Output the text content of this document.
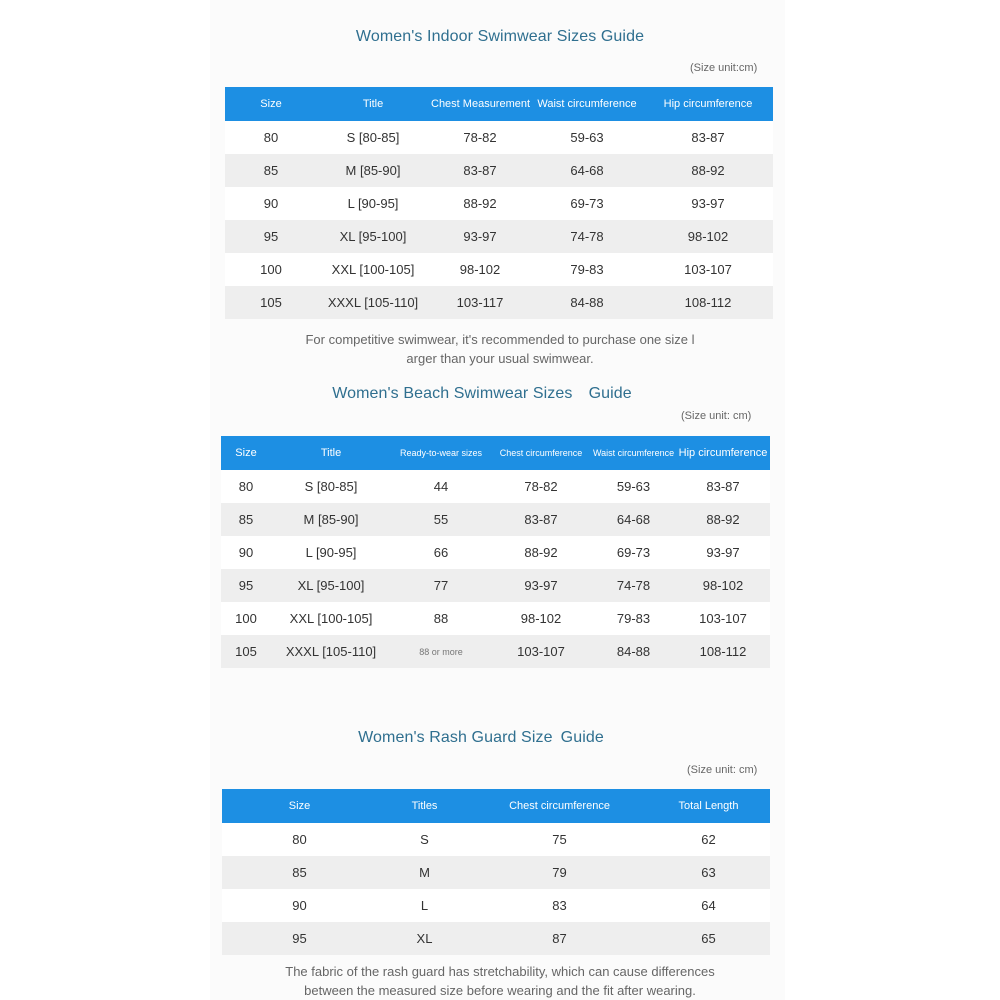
Women's Indoor Swimwear Sizes Guide
(Size unit:cm)
Size	Title	Chest Measurement	Waist circumference	Hip circumference
80	S [80-85]	78-82	59-63	83-87
85	M [85-90]	83-87	64-68	88-92
90	L [90-95]	88-92	69-73	93-97
95	XL [95-100]	93-97	74-78	98-102
100	XXL [100-105]	98-102	79-83	103-107
105	XXXL [105-110]	103-117	84-88	108-112

For competitive swimwear, it's recommended to purchase one size l

arger than your usual swimwear.

Women's Beach Swimwear Sizes Guide
(Size unit: cm)
Size	Title	Ready-to-wear sizes	Chest circumference	Waist circumference	Hip circumference
80	S [80-85]	44	78-82	59-63	83-87
85	M [85-90]	55	83-87	64-68	88-92
90	L [90-95]	66	88-92	69-73	93-97
95	XL [95-100]	77	93-97	74-78	98-102
100	XXL [100-105]	88	98-102	79-83	103-107
105	XXXL [105-110]	88 or more	103-107	84-88	108-112
Women's Rash Guard Size Guide
(Size unit: cm)
Size	Titles	Chest circumference	Total Length
80	S	75	62
85	M	79	63
90	L	83	64
95	XL	87	65

The fabric of the rash guard has stretchability, which can cause differences

between the measured size before wearing and the fit after wearing.
